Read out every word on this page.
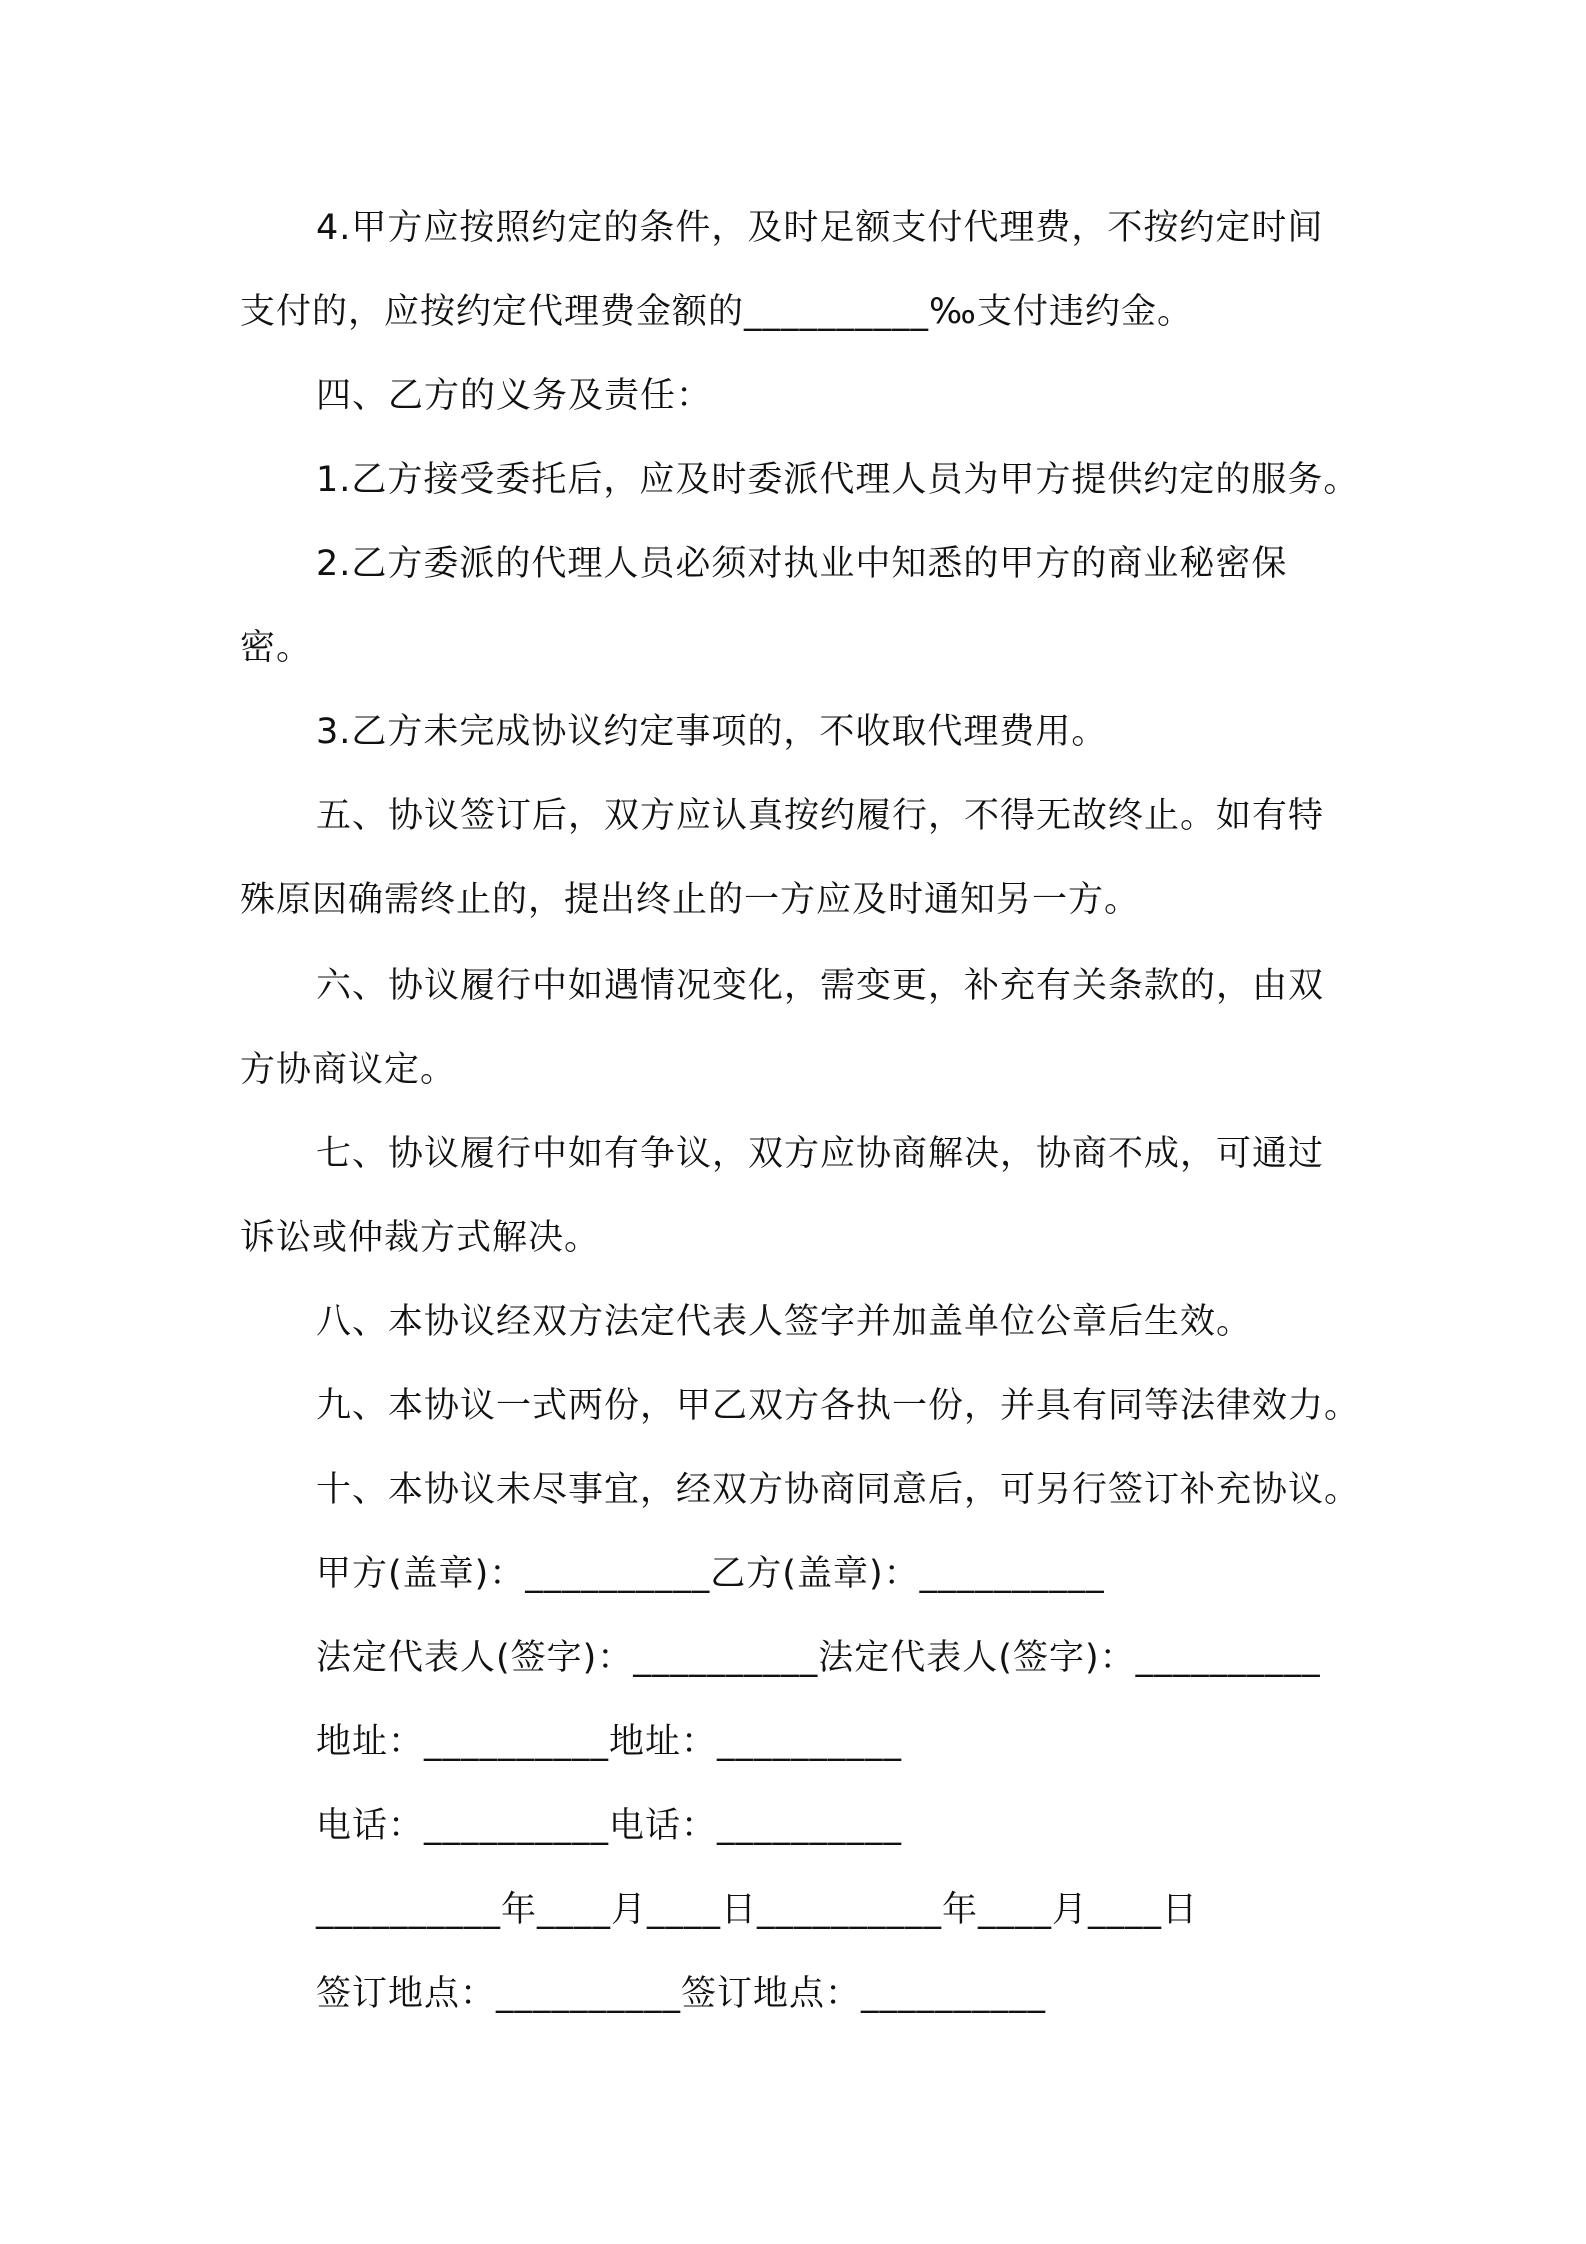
4.甲方应按照约定的条件，及时足额支付代理费，不按约定时间
支付的，应按约定代理费金额的__________‰支付违约金。
四、乙方的义务及责任：
1.乙方接受委托后，应及时委派代理人员为甲方提供约定的服务。
2.乙方委派的代理人员必须对执业中知悉的甲方的商业秘密保
密。
3.乙方未完成协议约定事项的，不收取代理费用。
五、协议签订后，双方应认真按约履行，不得无故终止。如有特
殊原因确需终止的，提出终止的一方应及时通知另一方。
六、协议履行中如遇情况变化，需变更，补充有关条款的，由双
方协商议定。
七、协议履行中如有争议，双方应协商解决，协商不成，可通过
诉讼或仲裁方式解决。
八、本协议经双方法定代表人签字并加盖单位公章后生效。
九、本协议一式两份，甲乙双方各执一份，并具有同等法律效力。
十、本协议未尽事宜，经双方协商同意后，可另行签订补充协议。
甲方(盖章)：__________乙方(盖章)：__________
法定代表人(签字)：__________法定代表人(签字)：__________
地址：__________地址：__________
电话：__________电话：__________
__________年____月____日__________年____月____日
签订地点：__________签订地点：__________
